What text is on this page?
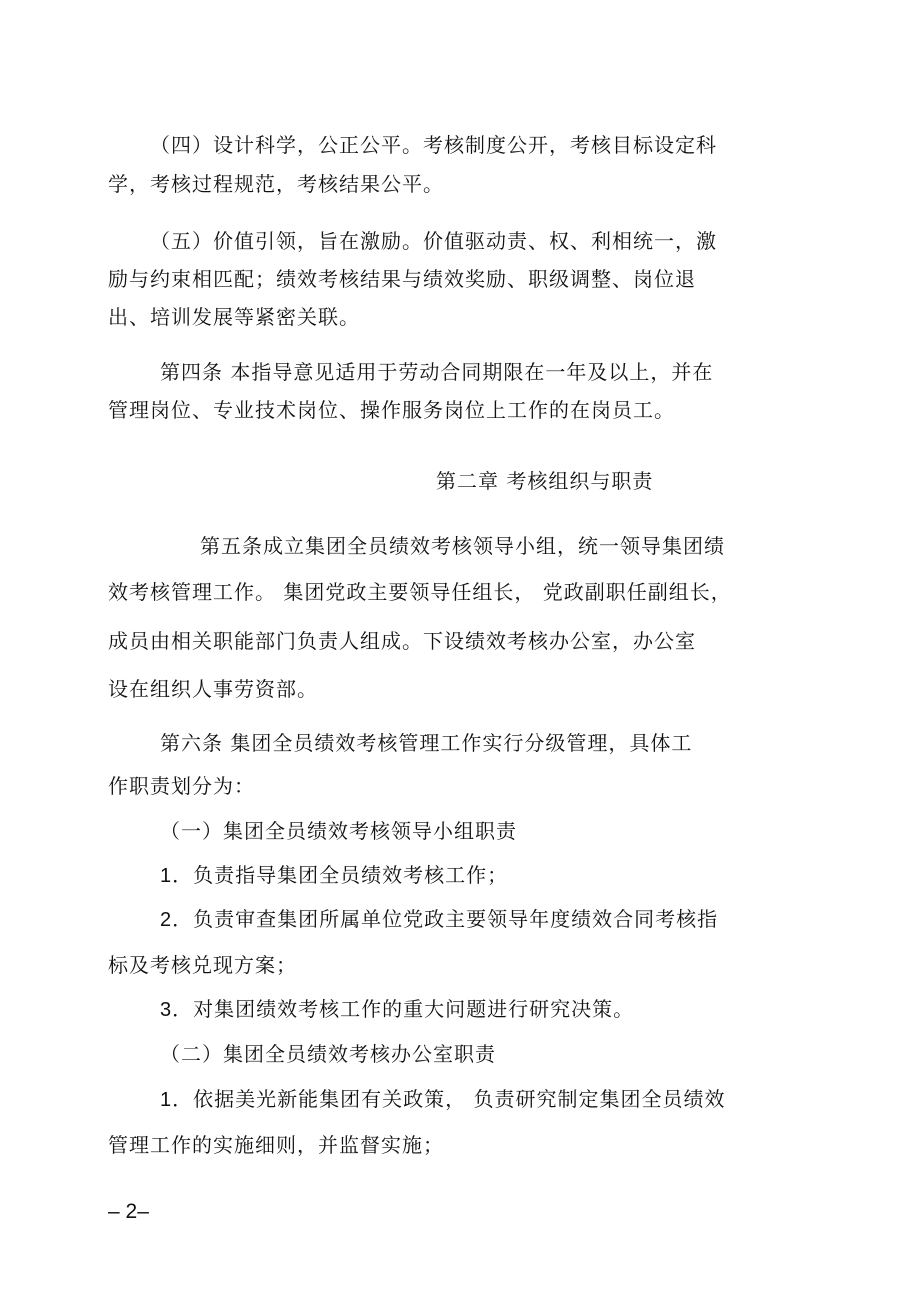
（四）设计科学，公正公平。考核制度公开，考核目标设定科
学，考核过程规范，考核结果公平。
（五）价值引领，旨在激励。价值驱动责、权、利相统一，激
励与约束相匹配；绩效考核结果与绩效奖励、职级调整、岗位退
出、培训发展等紧密关联。
第四条 本指导意见适用于劳动合同期限在一年及以上，并在
管理岗位、专业技术岗位、操作服务岗位上工作的在岗员工。
第二章 考核组织与职责
第五条成立集团全员绩效考核领导小组，统一领导集团绩
效考核管理工作。 集团党政主要领导任组长， 党政副职任副组长，
成员由相关职能部门负责人组成。下设绩效考核办公室，办公室
设在组织人事劳资部。
第六条 集团全员绩效考核管理工作实行分级管理，具体工
作职责划分为：
（一）集团全员绩效考核领导小组职责
1．负责指导集团全员绩效考核工作；
2．负责审查集团所属单位党政主要领导年度绩效合同考核指
标及考核兑现方案；
3．对集团绩效考核工作的重大问题进行研究决策。
（二）集团全员绩效考核办公室职责
1．依据美光新能集团有关政策， 负责研究制定集团全员绩效
管理工作的实施细则，并监督实施；
– 2–
